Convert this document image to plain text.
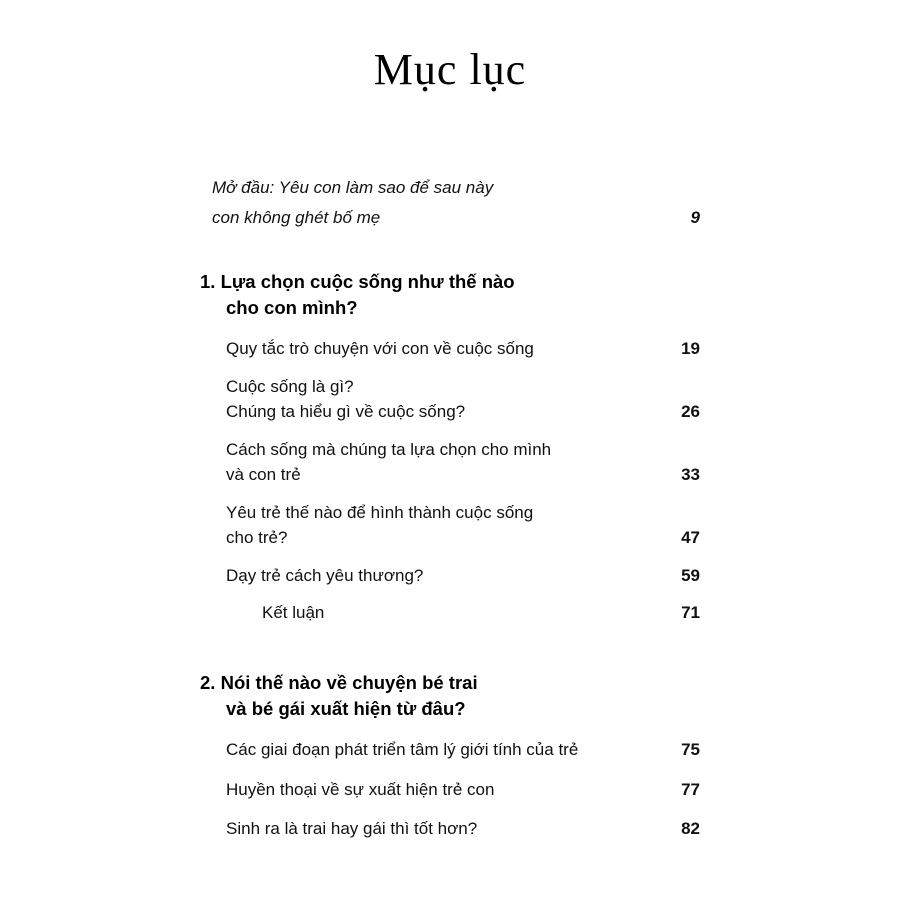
Mục lục
Mở đầu: Yêu con làm sao để sau này
con không ghét bố mẹ	9
1. Lựa chọn cuộc sống như thế nào
cho con mình?
Quy tắc trò chuyện với con về cuộc sống	19
Cuộc sống là gì?
Chúng ta hiểu gì về cuộc sống?	26
Cách sống mà chúng ta lựa chọn cho mình
và con trẻ	33
Yêu trẻ thế nào để hình thành cuộc sống
cho trẻ?	47
Dạy trẻ cách yêu thương?	59
Kết luận	71
2. Nói thế nào về chuyện bé trai
và bé gái xuất hiện từ đâu?
Các giai đoạn phát triển tâm lý giới tính của trẻ	75
Huyền thoại về sự xuất hiện trẻ con	77
Sinh ra là trai hay gái thì tốt hơn?	82
